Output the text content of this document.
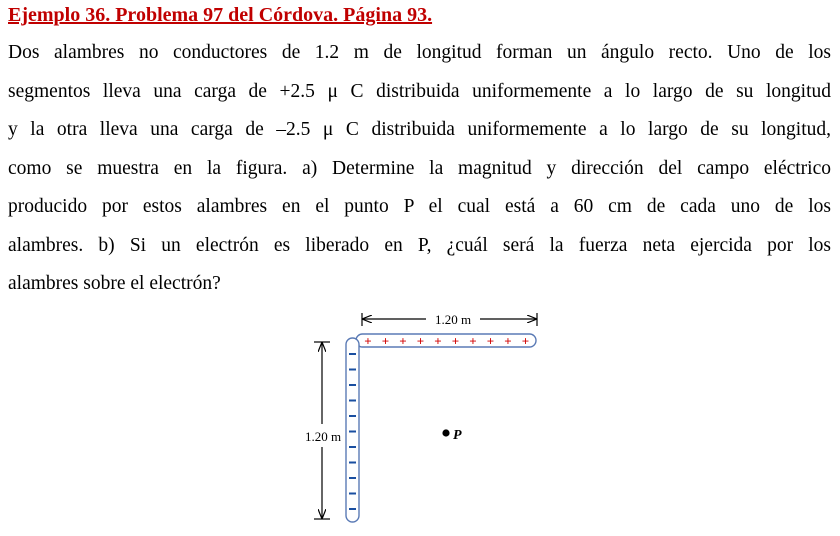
Ejemplo 36. Problema 97 del Córdova. Página 93.
Dos alambres no conductores de 1.2 m de longitud forman un ángulo recto. Uno de los
segmentos lleva una carga de +2.5 μ C distribuida uniformemente a lo largo de su longitud
y la otra lleva una carga de –2.5 μ C distribuida uniformemente a lo largo de su longitud,
como se muestra en la figura. a) Determine la magnitud y dirección del campo eléctrico
producido por estos alambres en el punto P el cual está a 60 cm de cada uno de los
alambres. b) Si un electrón es liberado en P, ¿cuál será la fuerza neta ejercida por los
alambres sobre el electrón?
1.20 m
1.20 m
+ + + + + + + + + +
P
